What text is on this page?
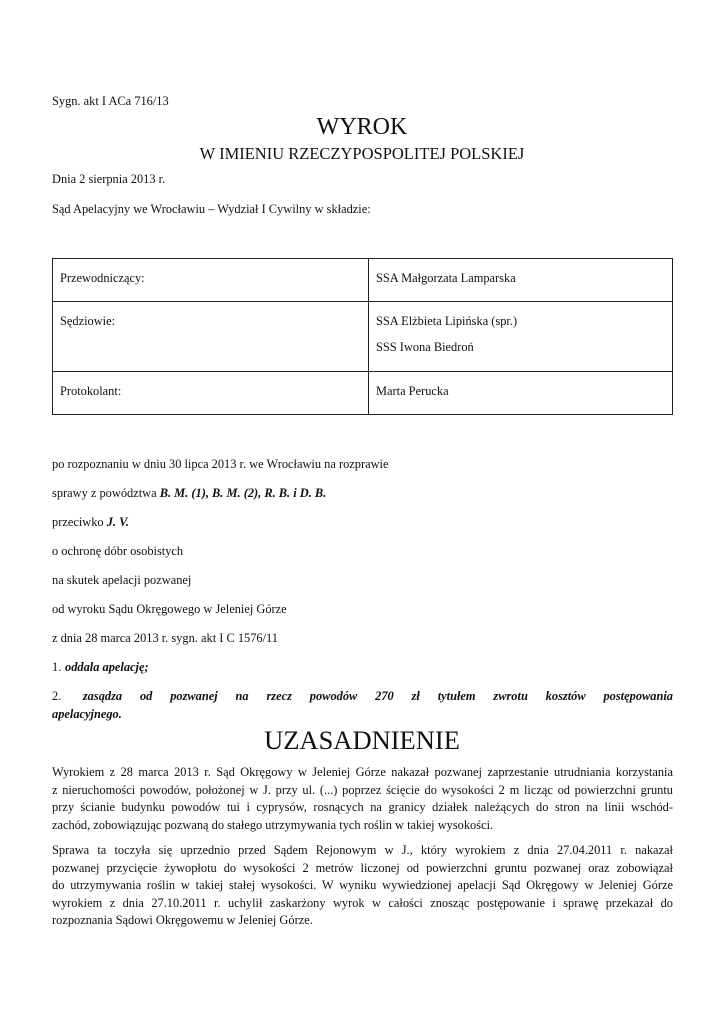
Sygn. akt I ACa 716/13
WYROK
W IMIENIU RZECZYPOSPOLITEJ POLSKIEJ
Dnia 2 sierpnia 2013 r.
Sąd Apelacyjny we Wrocławiu – Wydział I Cywilny w składzie:
Przewodniczący:	SSA Małgorzata Lamparska
Sędziowie:	SSA Elżbieta Lipińska (spr.)
SSS Iwona Biedroń

Protokolant:	Marta Perucka
po rozpoznaniu w dniu 30 lipca 2013 r. we Wrocławiu na rozprawie
sprawy z powództwa B. M. (1), B. M. (2), R. B. i D. B.
przeciwko J. V.
o ochronę dóbr osobistych
na skutek apelacji pozwanej
od wyroku Sądu Okręgowego w Jeleniej Górze
z dnia 28 marca 2013 r. sygn. akt I C 1576/11
1. oddala apelację;
2. zasądza od pozwanej na rzecz powodów 270 zł tytułem zwrotu kosztów postępowania
apelacyjnego.
UZASADNIENIE
Wyrokiem z 28 marca 2013 r. Sąd Okręgowy w Jeleniej Górze nakazał pozwanej zaprzestanie utrudniania korzystania
z nieruchomości powodów, położonej w J. przy ul. (...) poprzez ścięcie do wysokości 2 m licząc od powierzchni gruntu
przy ścianie budynku powodów tui i cyprysów, rosnących na granicy działek należących do stron na linii wschód-
zachód, zobowiązując pozwaną do stałego utrzymywania tych roślin w takiej wysokości.
Sprawa ta toczyła się uprzednio przed Sądem Rejonowym w J., który wyrokiem z dnia 27.04.2011 r. nakazał
pozwanej przycięcie żywopłotu do wysokości 2 metrów liczonej od powierzchni gruntu pozwanej oraz zobowiązał
do utrzymywania roślin w takiej stałej wysokości. W wyniku wywiedzionej apelacji Sąd Okręgowy w Jeleniej Górze
wyrokiem z dnia 27.10.2011 r. uchylił zaskarżony wyrok w całości znosząc postępowanie i sprawę przekazał do
rozpoznania Sądowi Okręgowemu w Jeleniej Górze.
